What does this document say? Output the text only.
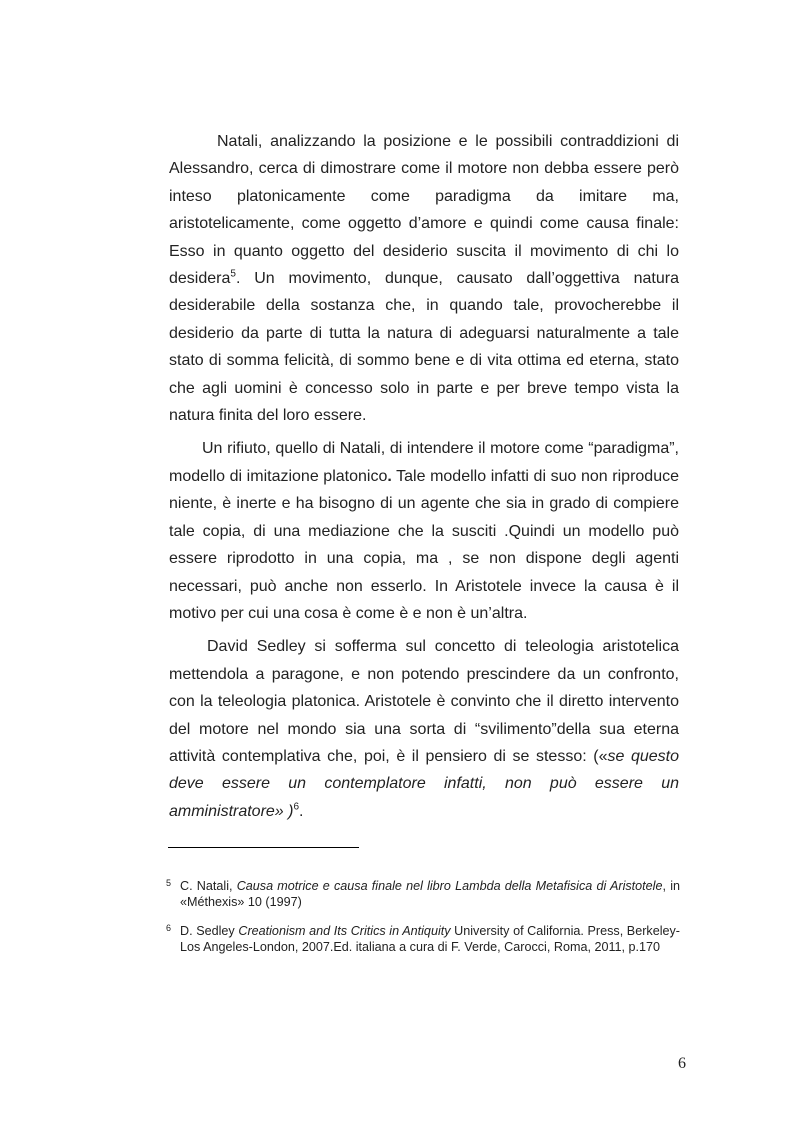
Natali, analizzando la posizione e le possibili contraddizioni di Alessandro, cerca di dimostrare come il motore non debba essere però inteso platonicamente come paradigma da imitare ma, aristotelicamente, come oggetto d’amore e quindi come causa finale: Esso in quanto oggetto del desiderio suscita il movimento di chi lo desidera$^5$. Un movimento, dunque, causato dall’oggettiva natura desiderabile della sostanza che, in quando tale, provocherebbe il desiderio da parte di tutta la natura di adeguarsi naturalmente a tale stato di somma felicità, di sommo bene e di vita ottima ed eterna, stato che agli uomini è concesso solo in parte e per breve tempo vista la natura finita del loro essere.

Un rifiuto, quello di Natali, di intendere il motore come “paradigma”, modello di imitazione platonico. Tale modello infatti di suo non riproduce niente, è inerte e ha bisogno di un agente che sia in grado di compiere tale copia, di una mediazione che la susciti .Quindi un modello può essere riprodotto in una copia, ma , se non dispone degli agenti necessari, può anche non esserlo. In Aristotele invece la causa è il motivo per cui una cosa è come è e non è un’altra.

David Sedley si sofferma sul concetto di teleologia aristotelica mettendola a paragone, e non potendo prescindere da un confronto, con la teleologia platonica. Aristotele è convinto che il diretto intervento del motore nel mondo sia una sorta di “svilimento”della sua eterna attività contemplativa che, poi, è il pensiero di se stesso: («se questo deve essere un contemplatore infatti, non può essere un amministratore» )$^6$.

5 C. Natali, Causa motrice e causa finale nel libro Lambda della Metafisica di Aristotele, in «Méthexis» 10 (1997)

6 D. Sedley Creationism and Its Critics in Antiquity University of California. Press, Berkeley-Los Angeles-London, 2007.Ed. italiana a cura di F. Verde, Carocci, Roma, 2011, p.170

6
